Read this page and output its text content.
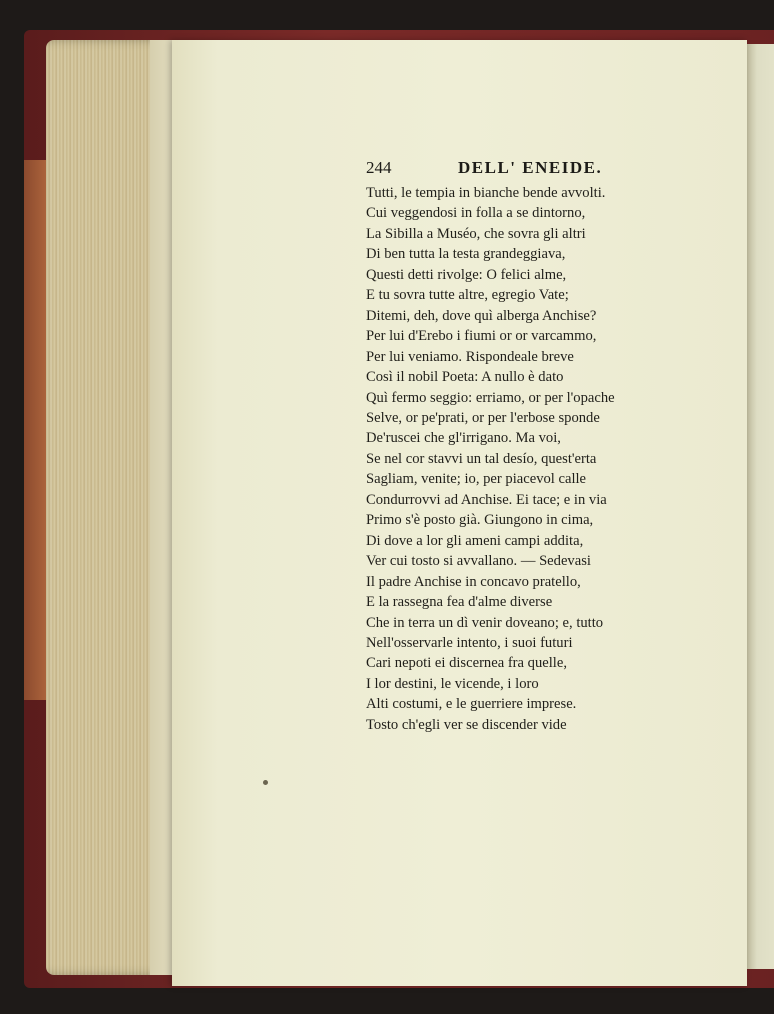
244	DELL' ENEIDE.
Tutti, le tempia in bianche bende avvolti.
Cui veggendosi in folla a se dintorno,
La Sibilla a Muséo, che sovra gli altri
Di ben tutta la testa grandeggiava,
Questi detti rivolge: O felici alme,
E tu sovra tutte altre, egregio Vate;
Ditemi, deh, dove quì alberga Anchise?
Per lui d'Erebo i fiumi or or varcammo,
Per lui veniamo. Rispondeale breve
Così il nobil Poeta: A nullo è dato
Quì fermo seggio: erriamo, or per l'opache
Selve, or pe'prati, or per l'erbose sponde
De'ruscei che gl'irrigano. Ma voi,
Se nel cor stavvi un tal desío, quest'erta
Sagliam, venite; io, per piacevol calle
Condurrovvi ad Anchise. Ei tace; e in via
Primo s'è posto già. Giungono in cima,
Di dove a lor gli ameni campi addita,
Ver cui tosto si avvallano. — Sedevasi
Il padre Anchise in concavo pratello,
E la rassegna fea d'alme diverse
Che in terra un dì venir doveano; e, tutto
Nell'osservarle intento, i suoi futuri
Cari nepoti ei discernea fra quelle,
I lor destini, le vicende, i loro
Alti costumi, e le guerriere imprese.
Tosto ch'egli ver se discender vide
